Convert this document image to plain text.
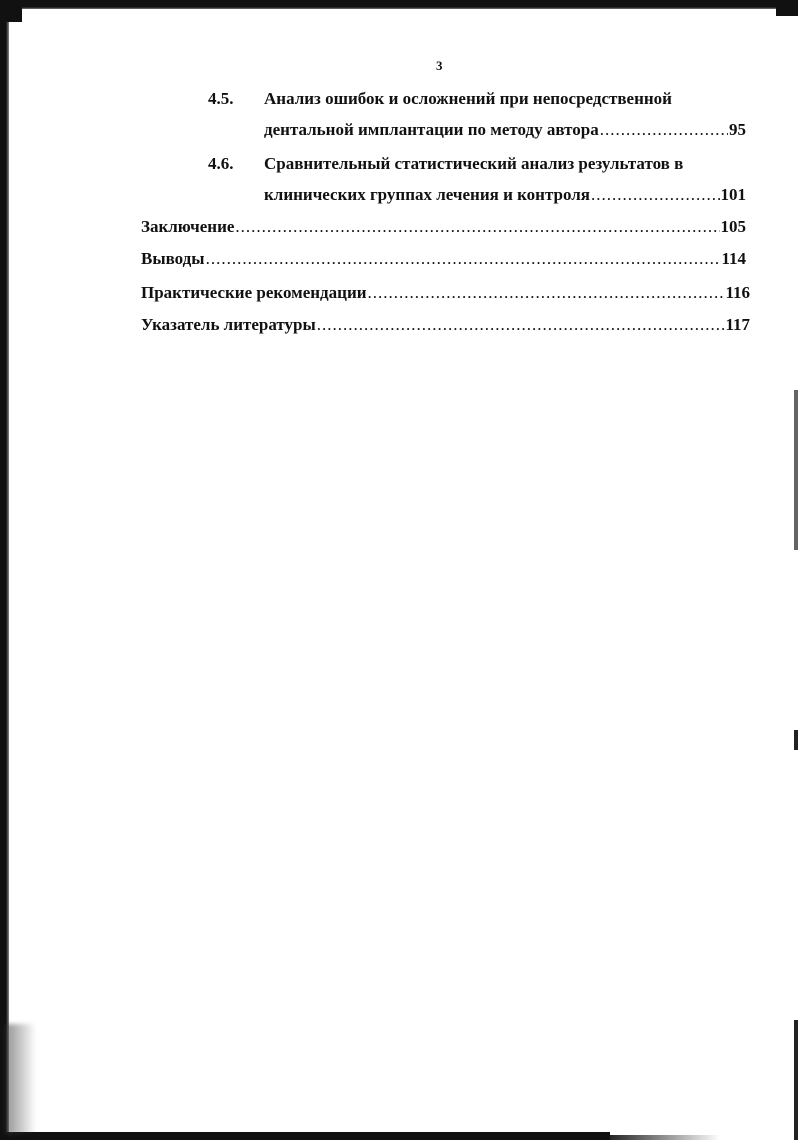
3
4.5. Анализ ошибок и осложнений при непосредственной
дентальной имплантации по методу автора .....	95
4.6. Сравнительный статистический анализ результатов в
клинических группах лечения и контроля .....	101
Заключение .....	105
Выводы .....	114
Практические рекомендации .....	116
Указатель литературы .....	117
